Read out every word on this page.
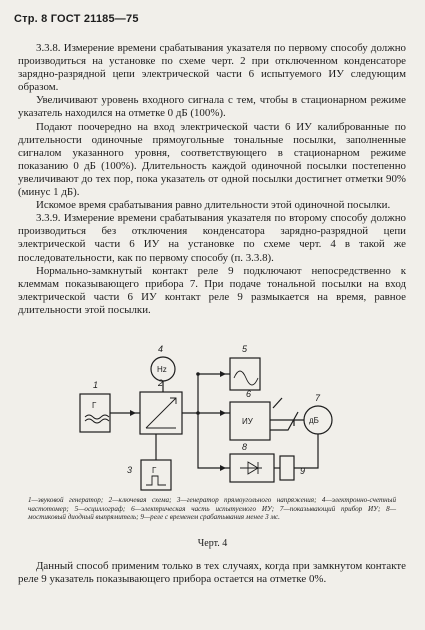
Стр. 8 ГОСТ 21185—75

3.3.8. Измерение времени срабатывания указателя по первому способу должно производиться на установке по схеме черт. 2 при отключенном конденсаторе зарядно-разрядной цепи электрической части 6 испытуемого ИУ следующим образом.

Увеличивают уровень входного сигнала с тем, чтобы в стационарном режиме указатель находился на отметке 0 дБ (100%).

Подают поочередно на вход электрической части 6 ИУ калиброванные по длительности одиночные прямоугольные тональные посылки, заполненные сигналом указанного уровня, соответствующего в стационарном режиме показанию 0 дБ (100%). Длительность каждой одиночной посылки постепенно увеличивают до тех пор, пока указатель от одной посылки достигнет отметки 90% (минус 1 дБ).

Искомое время срабатывания равно длительности этой одиночной посылки.

3.3.9. Измерение времени срабатывания указателя по второму способу должно производиться без отключения конденсатора зарядно-разрядной цепи электрической части 6 ИУ на установке по схеме черт. 4 в такой же последовательности, как по первому способу (п. 3.3.8).

Нормально-замкнутый контакт реле 9 подключают непосредственно к клеммам показывающего прибора 7. При подаче тональной посылки на вход электрической части 6 ИУ контакт реле 9 размыкается на время, равное длительности этой посылки.

1	2
3
4	5
6	7
8
9
Г
Г
Hz
ИУ	дБ
1—звуковой генератор; 2—ключевая схема; 3—генератор прямоугольного напряжения; 4—электронно-счетный частотомер; 5—осциллограф; 6—электрическая часть испытуемого ИУ; 7—показывающий прибор ИУ; 8—мостиковый диодный выпрямитель; 9—реле с временем срабатывания менее 3 мс.
Черт. 4

Данный способ применим только в тех случаях, когда при замкнутом контакте реле 9 указатель показывающего прибора остается на отметке 0%.
